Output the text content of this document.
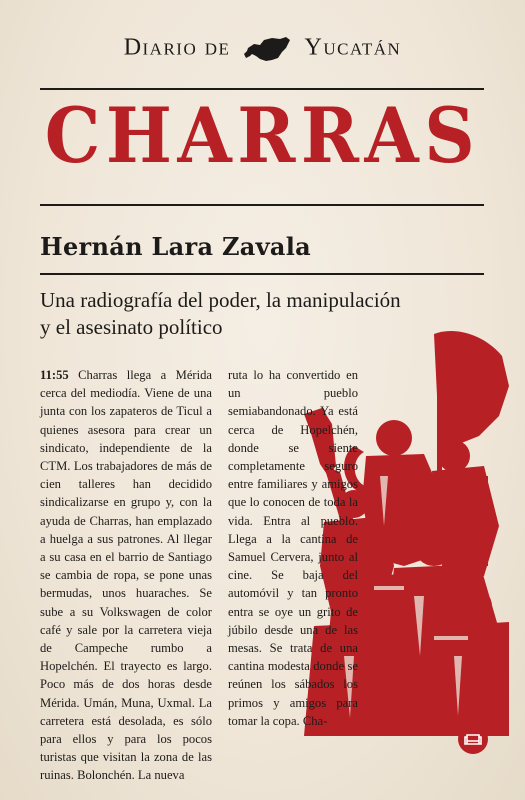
Diario de	Yucatán
CHARRAS
Hernán Lara Zavala
Una radiografía del poder, la manipulación
y el asesinato político
11:55 Charras llega a Mérida cerca del mediodía. Viene de una junta con los zapateros de Ticul a quienes asesora para crear un sindicato, independiente de la CTM. Los trabajadores de más de cien talleres han decidido sindicalizarse en grupo y, con la ayuda de Charras, han emplazado a huelga a sus patrones. Al llegar a su casa en el barrio de Santiago se cambia de ropa, se pone unas bermudas, unos huaraches. Se sube a su Volkswagen de color café y sale por la carretera vieja de Campeche rumbo a Hopelchén. El trayecto es largo. Poco más de dos horas desde Mérida. Umán, Muna, Uxmal. La carretera está desolada, es sólo para ellos y para los pocos turistas que visitan la zona de las ruinas. Bolonchén. La nueva
ruta lo ha convertido en un pueblo semiabandonado. Ya está cerca de Hopelchén, donde se siente completamente seguro entre familiares y amigos que lo conocen de toda la vida. Entra al pueblo. Llega a la cantina de Samuel Cervera, junto al cine. Se baja del automóvil y tan pronto entra se oye un grito de júbilo desde una de las mesas. Se trata de una cantina modesta donde se reúnen los sábados los primos y amigos para tomar la copa. Cha-
